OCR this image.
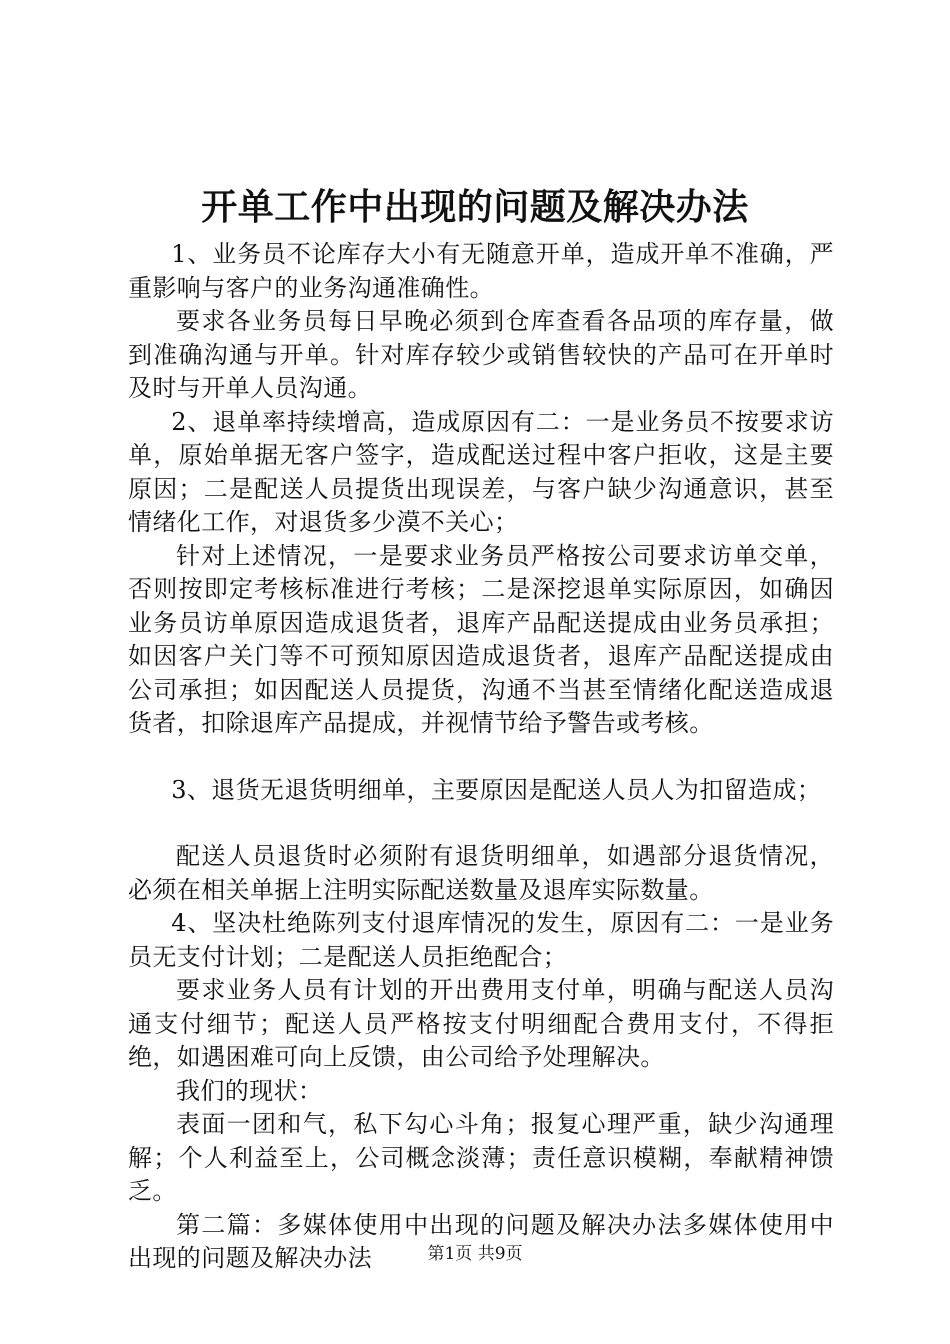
开单工作中出现的问题及解决办法

1、业务员不论库存大小有无随意开单，造成开单不准确，严重影响与客户的业务沟通准确性。

要求各业务员每日早晚必须到仓库查看各品项的库存量，做到准确沟通与开单。针对库存较少或销售较快的产品可在开单时及时与开单人员沟通。

2、退单率持续增高，造成原因有二：一是业务员不按要求访单，原始单据无客户签字，造成配送过程中客户拒收，这是主要原因；二是配送人员提货出现误差，与客户缺少沟通意识，甚至情绪化工作，对退货多少漠不关心；

针对上述情况，一是要求业务员严格按公司要求访单交单，否则按即定考核标准进行考核；二是深挖退单实际原因，如确因业务员访单原因造成退货者，退库产品配送提成由业务员承担；如因客户关门等不可预知原因造成退货者，退库产品配送提成由公司承担；如因配送人员提货，沟通不当甚至情绪化配送造成退货者，扣除退库产品提成，并视情节给予警告或考核。

3、退货无退货明细单，主要原因是配送人员人为扣留造成；

配送人员退货时必须附有退货明细单，如遇部分退货情况，必须在相关单据上注明实际配送数量及退库实际数量。

4、坚决杜绝陈列支付退库情况的发生，原因有二：一是业务员无支付计划；二是配送人员拒绝配合；

要求业务人员有计划的开出费用支付单，明确与配送人员沟通支付细节；配送人员严格按支付明细配合费用支付，不得拒绝，如遇困难可向上反馈，由公司给予处理解决。

我们的现状：

表面一团和气，私下勾心斗角；报复心理严重，缺少沟通理解；个人利益至上，公司概念淡薄；责任意识模糊，奉献精神馈乏。

第二篇：多媒体使用中出现的问题及解决办法多媒体使用中出现的问题及解决办法	第1页 共9页
